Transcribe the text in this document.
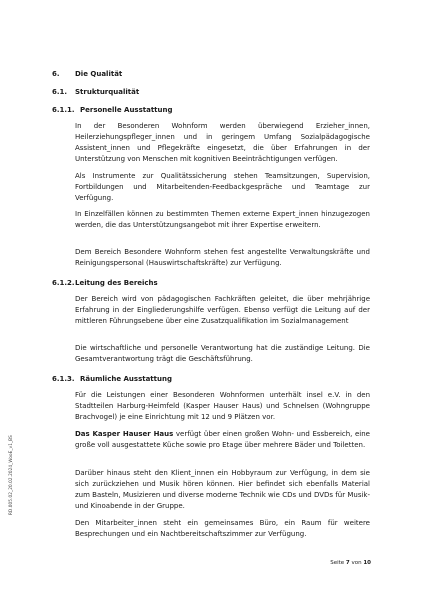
RD.005.02_20.02.2024_WooE_v1_BS
6. Die Qualität
6.1. Strukturqualität
6.1.1. Personelle Ausstattung
In der Besonderen Wohnform werden überwiegend Erzieher_innen, Heilerziehungspfleger_innen und in geringem Umfang Sozialpädagogische Assistent_innen und Pflegekräfte eingesetzt, die über Erfahrungen in der Unterstützung von Menschen mit kognitiven Beeinträchtigungen verfügen.
Als Instrumente zur Qualitätssicherung stehen Teamsitzungen, Supervision, Fortbildungen und Mitarbeitenden-Feedbackgespräche und Teamtage zur Verfügung.
In Einzelfällen können zu bestimmten Themen externe Expert_innen hinzugezogen werden, die das Unterstützungsangebot mit ihrer Expertise erweitern.
Dem Bereich Besondere Wohnform stehen fest angestellte Verwaltungskräfte und Reinigungspersonal (Hauswirtschaftskräfte) zur Verfügung.
6.1.2. Leitung des Bereichs
Der Bereich wird von pädagogischen Fachkräften geleitet, die über mehrjährige Erfahrung in der Eingliederungshilfe verfügen. Ebenso verfügt die Leitung auf der mittleren Führungsebene über eine Zusatzqualifikation im Sozialmanagement
Die wirtschaftliche und personelle Verantwortung hat die zuständige Leitung. Die Gesamtverantwortung trägt die Geschäftsführung.
6.1.3. Räumliche Ausstattung
Für die Leistungen einer Besonderen Wohnformen unterhält insel e.V. in den Stadtteilen Harburg-Heimfeld (Kasper Hauser Haus) und Schnelsen (Wohngruppe Brachvogel) je eine Einrichtung mit 12 und 9 Plätzen vor.
Das Kasper Hauser Haus verfügt über einen großen Wohn- und Essbereich, eine große voll ausgestattete Küche sowie pro Etage über mehrere Bäder und Toiletten.
Darüber hinaus steht den Klient_innen ein Hobbyraum zur Verfügung, in dem sie sich zurückziehen und Musik hören können. Hier befindet sich ebenfalls Material zum Basteln, Musizieren und diverse moderne Technik wie CDs und DVDs für Musik- und Kinoabende in der Gruppe.
Den Mitarbeiter_innen steht ein gemeinsames Büro, ein Raum für weitere Besprechungen und ein Nachtbereitschaftszimmer zur Verfügung.
Seite 7 von 10
